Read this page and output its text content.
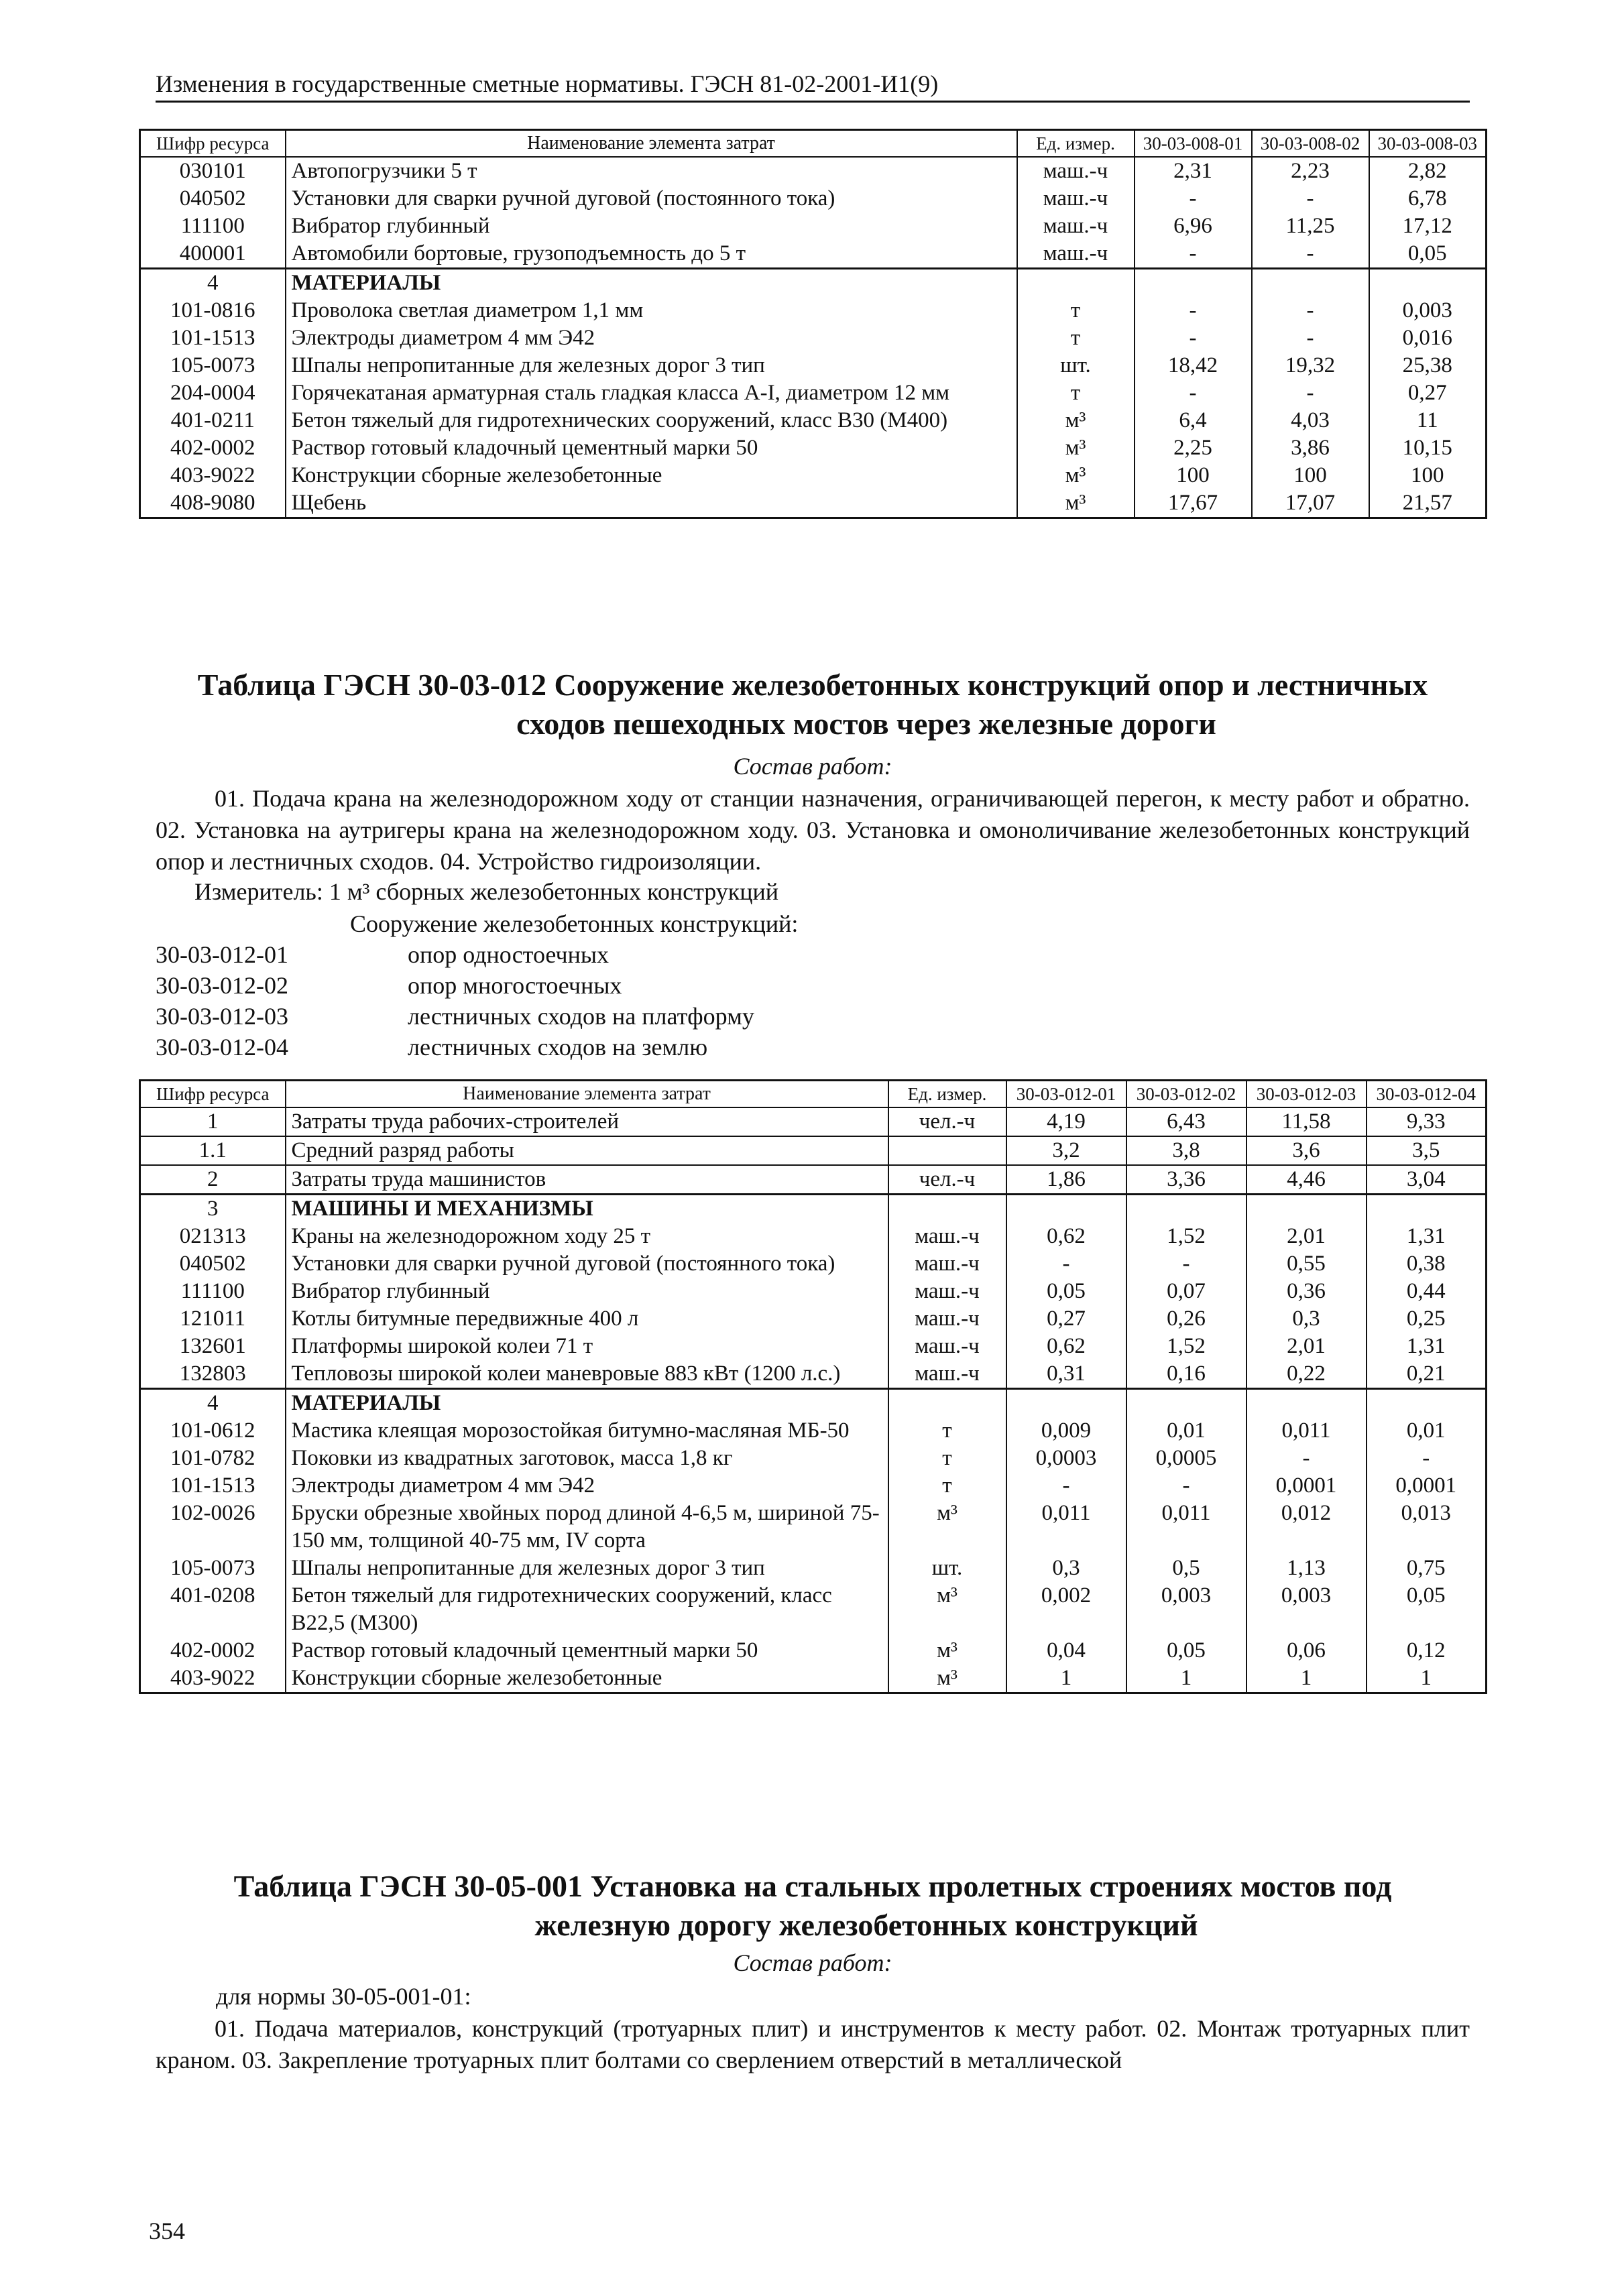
Изменения в государственные сметные нормативы. ГЭСН 81-02-2001-И1(9)
Шифр ресурса	Наименование элемента затрат	Ед. измер.	30-03-008-01	30-03-008-02	30-03-008-03
030101	Автопогрузчики 5 т	маш.-ч	2,31	2,23	2,82
040502	Установки для сварки ручной дуговой (постоянного тока)	маш.-ч	-	-	6,78
111100	Вибратор глубинный	маш.-ч	6,96	11,25	17,12
400001	Автомобили бортовые, грузоподъемность до 5 т	маш.-ч	-	-	0,05
4	МАТЕРИАЛЫ				
101-0816	Проволока светлая диаметром 1,1 мм	т	-	-	0,003
101-1513	Электроды диаметром 4 мм Э42	т	-	-	0,016
105-0073	Шпалы непропитанные для железных дорог 3 тип	шт.	18,42	19,32	25,38
204-0004	Горячекатаная арматурная сталь гладкая класса А-I, диаметром 12 мм	т	-	-	0,27
401-0211	Бетон тяжелый для гидротехнических сооружений, класс В30 (М400)	м³	6,4	4,03	11
402-0002	Раствор готовый кладочный цементный марки 50	м³	2,25	3,86	10,15
403-9022	Конструкции сборные железобетонные	м³	100	100	100
408-9080	Щебень	м³	17,67	17,07	21,57
Таблица ГЭСН 30-03-012 Сооружение железобетонных конструкций опор и лестничных
сходов пешеходных мостов через железные дороги
Состав работ:
01. Подача крана на железнодорожном ходу от станции назначения, ограничивающей перегон, к месту работ и обратно. 02. Установка на аутригеры крана на железнодорожном ходу. 03. Установка и омоноличивание железобетонных конструкций опор и лестничных сходов. 04. Устройство гидроизоляции.
Измеритель: 1 м³ сборных железобетонных конструкций
Сооружение железобетонных конструкций:
30-03-012-01	опор одностоечных
30-03-012-02	опор многостоечных
30-03-012-03	лестничных сходов на платформу
30-03-012-04	лестничных сходов на землю
Шифр ресурса	Наименование элемента затрат	Ед. измер.	30-03-012-01	30-03-012-02	30-03-012-03	30-03-012-04
1	Затраты труда рабочих-строителей	чел.-ч	4,19	6,43	11,58	9,33
1.1	Средний разряд работы		3,2	3,8	3,6	3,5
2	Затраты труда машинистов	чел.-ч	1,86	3,36	4,46	3,04
3	МАШИНЫ И МЕХАНИЗМЫ					
021313	Краны на железнодорожном ходу 25 т	маш.-ч	0,62	1,52	2,01	1,31
040502	Установки для сварки ручной дуговой (постоянного тока)	маш.-ч	-	-	0,55	0,38
111100	Вибратор глубинный	маш.-ч	0,05	0,07	0,36	0,44
121011	Котлы битумные передвижные 400 л	маш.-ч	0,27	0,26	0,3	0,25
132601	Платформы широкой колеи 71 т	маш.-ч	0,62	1,52	2,01	1,31
132803	Тепловозы широкой колеи маневровые 883 кВт (1200 л.с.)	маш.-ч	0,31	0,16	0,22	0,21
4	МАТЕРИАЛЫ					
101-0612	Мастика клеящая морозостойкая битумно-масляная МБ-50	т	0,009	0,01	0,011	0,01
101-0782	Поковки из квадратных заготовок, масса 1,8 кг	т	0,0003	0,0005	-	-
101-1513	Электроды диаметром 4 мм Э42	т	-	-	0,0001	0,0001
102-0026	Бруски обрезные хвойных пород длиной 4-6,5 м, шириной 75-150 мм, толщиной 40-75 мм, IV сорта	м³	0,011	0,011	0,012	0,013
105-0073	Шпалы непропитанные для железных дорог 3 тип	шт.	0,3	0,5	1,13	0,75
401-0208	Бетон тяжелый для гидротехнических сооружений, класс В22,5 (М300)	м³	0,002	0,003	0,003	0,05
402-0002	Раствор готовый кладочный цементный марки 50	м³	0,04	0,05	0,06	0,12
403-9022	Конструкции сборные железобетонные	м³	1	1	1	1
Таблица ГЭСН 30-05-001 Установка на стальных пролетных строениях мостов под
железную дорогу железобетонных конструкций
Состав работ:
для нормы 30-05-001-01:
01. Подача материалов, конструкций (тротуарных плит) и инструментов к месту работ. 02. Монтаж тротуарных плит краном. 03. Закрепление тротуарных плит болтами со сверлением отверстий в металлической
354
